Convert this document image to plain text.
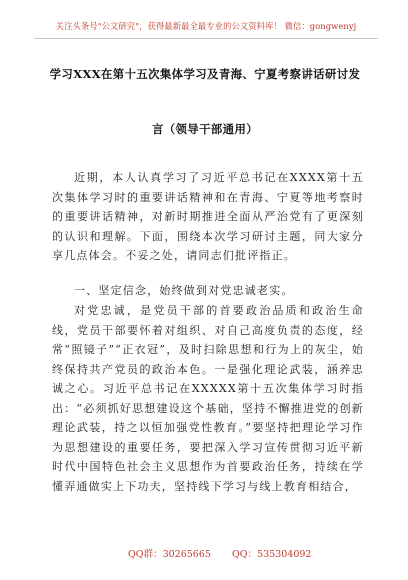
关注头条号"公文研究"，获得最新最全最专业的公文资料库！ 微信：gongwenyj
学习XXX在第十五次集体学习及青海、宁夏考察讲话研讨发
言（领导干部通用）

近期，本人认真学习了习近平总书记在XXXX第十五次集体学习时的重要讲话精神和在青海、宁夏等地考察时的重要讲话精神，对新时期推进全面从严治党有了更深刻的认识和理解。下面，围绕本次学习研讨主题，同大家分享几点体会。不妥之处，请同志们批评指正。

一、坚定信念，始终做到对党忠诚老实。

对党忠诚，是党员干部的首要政治品质和政治生命线，党员干部要怀着对组织、对自己高度负责的态度，经常“照镜子”“正衣冠”，及时扫除思想和行为上的灰尘，始终保持共产党员的政治本色。一是强化理论武装，涵养忠诚之心。习近平总书记在XXXXX第十五次集体学习时指出：“必须抓好思想建设这个基础，坚持不懈推进党的创新理论武装，持之以恒加强党性教育。”要坚持把理论学习作为思想建设的重要任务，要把深入学习宣传贯彻习近平新时代中国特色社会主义思想作为首要政治任务，持续在学懂弄通做实上下功夫，坚持线下学习与线上教育相结合，

QQ群：30265665 QQ：535304092
